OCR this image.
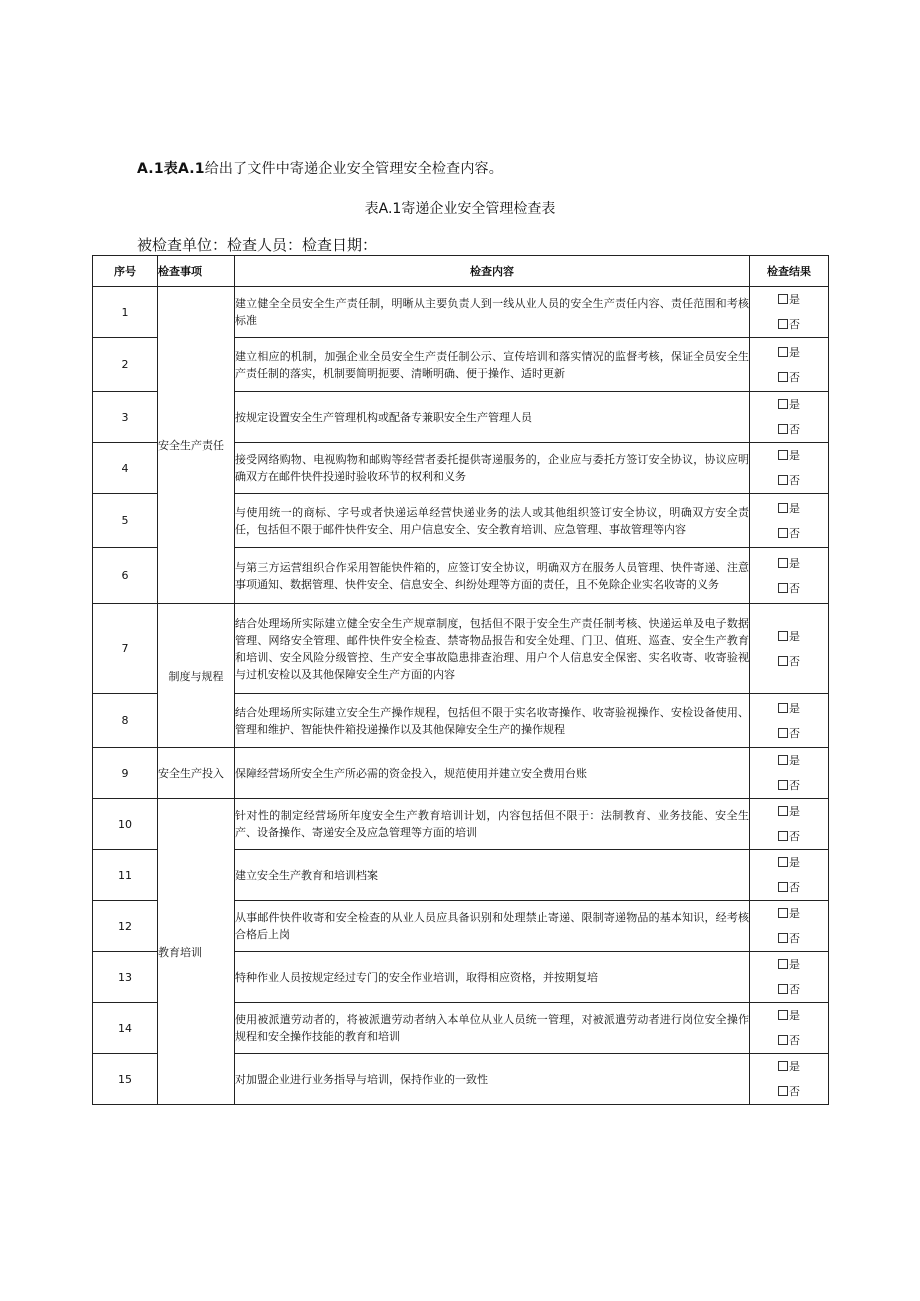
A.1表A.1给出了文件中寄递企业安全管理安全检查内容。
表A.1寄递企业安全管理检查表
被检查单位：检查人员：检查日期：
序号	检查事项	检查内容	检查结果
1	安全生产责任	建立健全全员安全生产责任制，明晰从主要负责人到一线从业人员的安全生产责任内容、责任范围和考核标准	是
否

2		建立相应的机制，加强企业全员安全生产责任制公示、宣传培训和落实情况的监督考核，保证全员安全生产责任制的落实，机制要简明扼要、清晰明确、便于操作、适时更新	是
否

3		按规定设置安全生产管理机构或配备专兼职安全生产管理人员	是
否

4		接受网络购物、电视购物和邮购等经营者委托提供寄递服务的，企业应与委托方签订安全协议，协议应明确双方在邮件快件投递时验收环节的权利和义务	是
否

5		与使用统一的商标、字号或者快递运单经营快递业务的法人或其他组织签订安全协议，明确双方安全责任，包括但不限于邮件快件安全、用户信息安全、安全教育培训、应急管理、事故管理等内容	是
否

6		与第三方运营组织合作采用智能快件箱的，应签订安全协议，明确双方在服务人员管理、快件寄递、注意事项通知、数据管理、快件安全、信息安全、纠纷处理等方面的责任，且不免除企业实名收寄的义务	是
否

7	制度与规程	结合处理场所实际建立健全安全生产规章制度，包括但不限于安全生产责任制考核、快递运单及电子数据管理、网络安全管理、邮件快件安全检查、禁寄物品报告和安全处理、门卫、值班、巡查、安全生产教育和培训、安全风险分级管控、生产安全事故隐患排查治理、用户个人信息安全保密、实名收寄、收寄验视与过机安检以及其他保障安全生产方面的内容	是
否

8		结合处理场所实际建立安全生产操作规程，包括但不限于实名收寄操作、收寄验视操作、安检设备使用、管理和维护、智能快件箱投递操作以及其他保障安全生产的操作规程	是
否

9	安全生产投入	保障经营场所安全生产所必需的资金投入，规范使用并建立安全费用台账	是
否

10	教育培训	针对性的制定经营场所年度安全生产教育培训计划，内容包括但不限于：法制教育、业务技能、安全生产、设备操作、寄递安全及应急管理等方面的培训	是
否

11		建立安全生产教育和培训档案	是
否

12		从事邮件快件收寄和安全检查的从业人员应具备识别和处理禁止寄递、限制寄递物品的基本知识，经考核合格后上岗	是
否

13		特种作业人员按规定经过专门的安全作业培训，取得相应资格，并按期复培	是
否

14		使用被派遣劳动者的，将被派遣劳动者纳入本单位从业人员统一管理，对被派遣劳动者进行岗位安全操作规程和安全操作技能的教育和培训	是
否

15		对加盟企业进行业务指导与培训，保持作业的一致性	是
否
